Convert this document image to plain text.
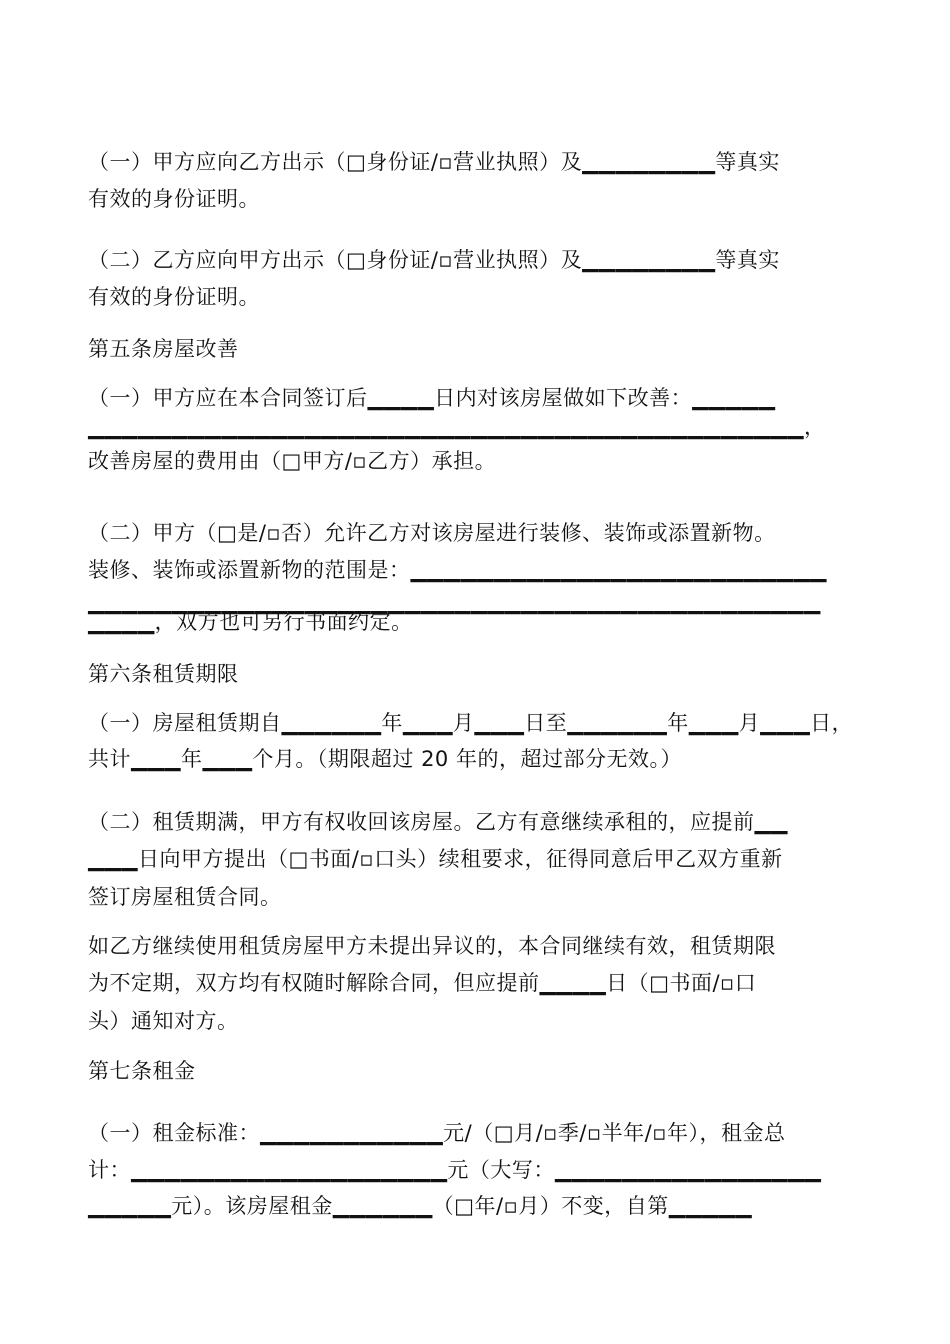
（一）甲方应向乙方出示（□身份证/▫营业执照）及▁▁▁▁▁▁▁▁等真实
有效的身份证明。
（二）乙方应向甲方出示（□身份证/▫营业执照）及▁▁▁▁▁▁▁▁等真实
有效的身份证明。
第五条房屋改善
（一）甲方应在本合同签订后▁▁▁▁日内对该房屋做如下改善：▁▁▁▁▁
▁▁▁▁▁▁▁▁▁▁▁▁▁▁▁▁▁▁▁▁▁▁▁▁▁▁▁▁▁▁▁▁▁▁▁▁▁▁▁▁▁▁▁，
改善房屋的费用由（□甲方/▫乙方）承担。
（二）甲方（□是/▫否）允许乙方对该房屋进行装修、装饰或添置新物。
装修、装饰或添置新物的范围是：▁▁▁▁▁▁▁▁▁▁▁▁▁▁▁▁▁▁▁▁▁▁▁▁▁
▁▁▁▁▁▁▁▁▁▁▁▁▁▁▁▁▁▁▁▁▁▁▁▁▁▁▁▁▁▁▁▁▁▁▁▁▁▁▁▁▁▁▁▁
▁▁▁▁，双方也可另行书面约定。
第六条租赁期限
（一）房屋租赁期自▁▁▁▁▁▁年▁▁▁月▁▁▁日至▁▁▁▁▁▁年▁▁▁月▁▁▁日，
共计▁▁▁年▁▁▁个月。（期限超过 20 年的，超过部分无效。）
（二）租赁期满，甲方有权收回该房屋。乙方有意继续承租的，应提前▁▁
▁▁▁日向甲方提出（□书面/▫口头）续租要求，征得同意后甲乙双方重新
签订房屋租赁合同。
如乙方继续使用租赁房屋甲方未提出异议的，本合同继续有效，租赁期限
为不定期，双方均有权随时解除合同，但应提前▁▁▁▁日（□书面/▫口
头）通知对方。
第七条租金
（一）租金标准：▁▁▁▁▁▁▁▁▁▁▁元/（□月/▫季/▫半年/▫年），租金总
计：▁▁▁▁▁▁▁▁▁▁▁▁▁▁▁▁▁▁▁元（大写：▁▁▁▁▁▁▁▁▁▁▁▁▁▁▁▁
▁▁▁▁▁元）。该房屋租金▁▁▁▁▁▁（□年/▫月）不变，自第▁▁▁▁▁
